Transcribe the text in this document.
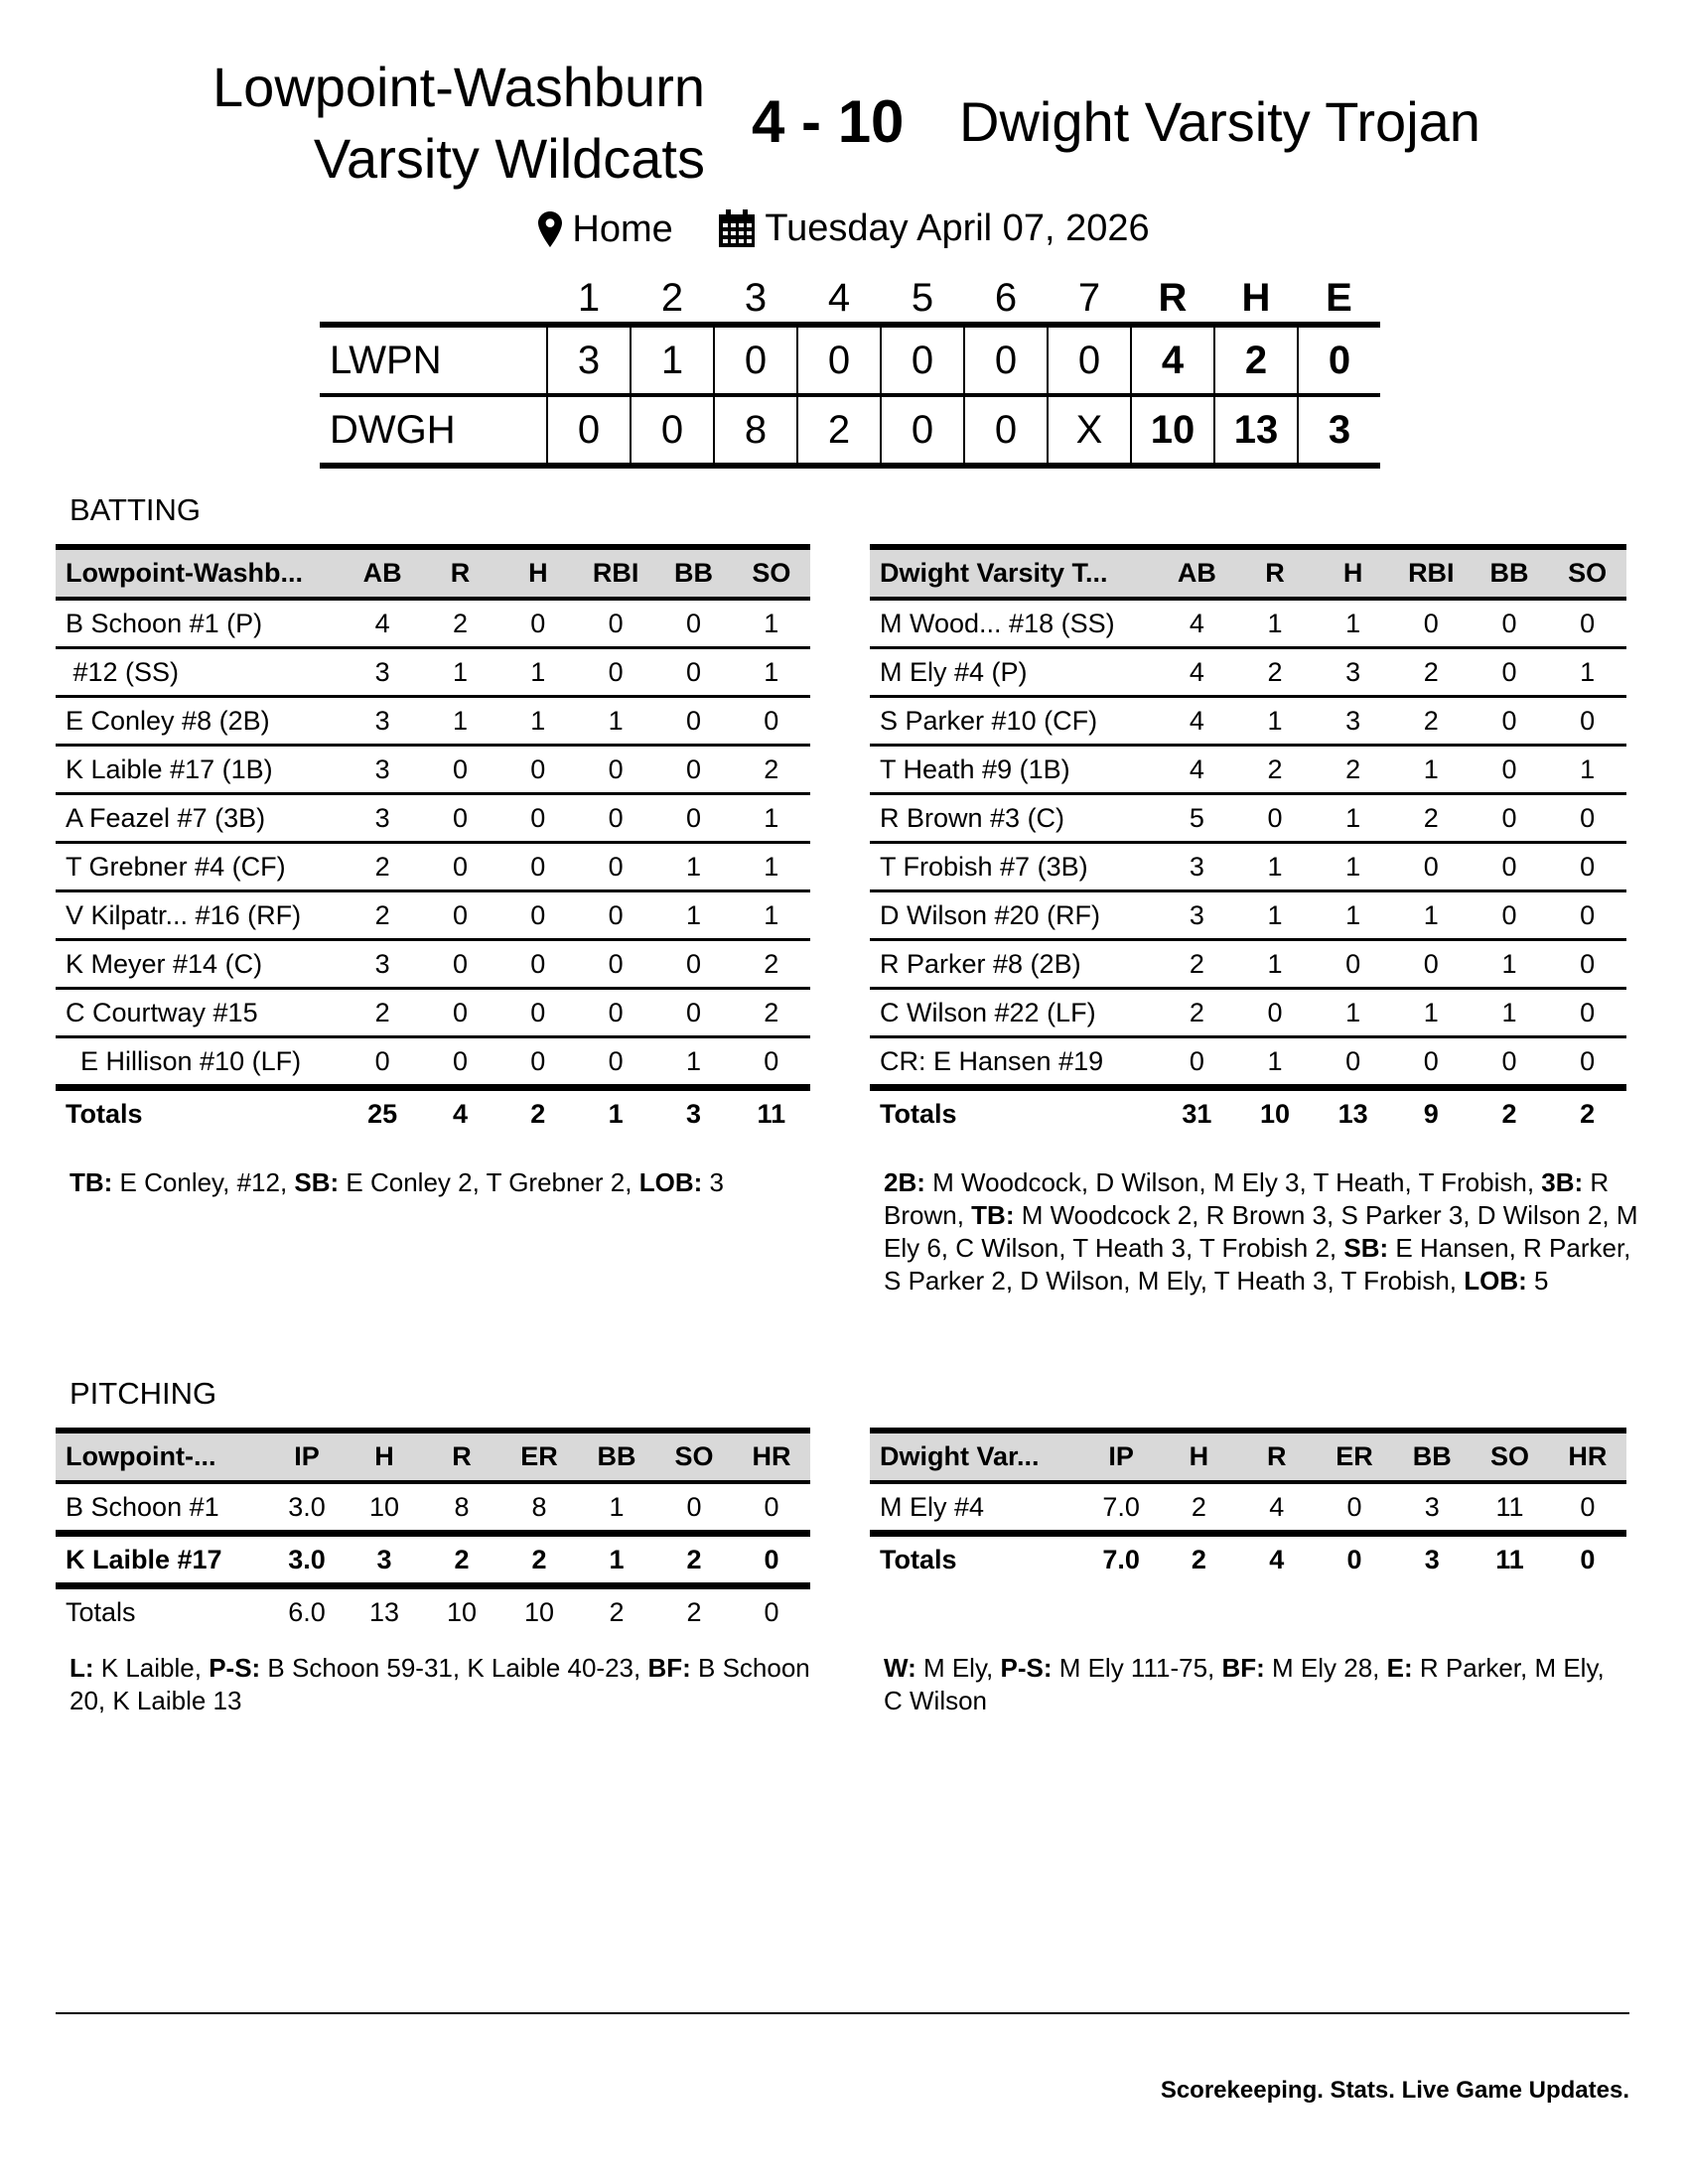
Lowpoint-Washburn
Varsity Wildcats
4 - 10 Dwight Varsity Trojan
Home
Tuesday April 07, 2026
	1	2	3	4	5	6	7	R	H	E
LWPN	3	1	0	0	0	0	0	4	2	0
DWGH	0	0	8	2	0	0	X	10	13	3
BATTING
Lowpoint-Washb...	AB	R	H	RBI	BB	SO
B Schoon #1 (P)	4	2	0	0	0	1
#12 (SS)	3	1	1	0	0	1
E Conley #8 (2B)	3	1	1	1	0	0
K Laible #17 (1B)	3	0	0	0	0	2
A Feazel #7 (3B)	3	0	0	0	0	1
T Grebner #4 (CF)	2	0	0	0	1	1
V Kilpatr... #16 (RF)	2	0	0	0	1	1
K Meyer #14 (C)	3	0	0	0	0	2
C Courtway #15	2	0	0	0	0	2
E Hillison #10 (LF)	0	0	0	0	1	0
Totals	25	4	2	1	3	11
Dwight Varsity T...	AB	R	H	RBI	BB	SO
M Wood... #18 (SS)	4	1	1	0	0	0
M Ely #4 (P)	4	2	3	2	0	1
S Parker #10 (CF)	4	1	3	2	0	0
T Heath #9 (1B)	4	2	2	1	0	1
R Brown #3 (C)	5	0	1	2	0	0
T Frobish #7 (3B)	3	1	1	0	0	0
D Wilson #20 (RF)	3	1	1	1	0	0
R Parker #8 (2B)	2	1	0	0	1	0
C Wilson #22 (LF)	2	0	1	1	1	0
CR: E Hansen #19	0	1	0	0	0	0
Totals	31	10	13	9	2	2
TB: E Conley, #12, SB: E Conley 2, T Grebner 2, LOB: 3	2B: M Woodcock, D Wilson, M Ely 3, T Heath, T Frobish, 3B: R Brown, TB: M Woodcock 2, R Brown 3, S Parker 3, D Wilson 2, M Ely 6, C Wilson, T Heath 3, T Frobish 2, SB: E Hansen, R Parker, S Parker 2, D Wilson, M Ely, T Heath 3, T Frobish, LOB: 5
PITCHING
Lowpoint-...	IP	H	R	ER	BB	SO	HR
B Schoon #1	3.0	10	8	8	1	0	0
K Laible #17	3.0	3	2	2	1	2	0
Totals	6.0	13	10	10	2	2	0
Dwight Var...	IP	H	R	ER	BB	SO	HR
M Ely #4	7.0	2	4	0	3	11	0
Totals	7.0	2	4	0	3	11	0
L: K Laible, P-S: B Schoon 59-31, K Laible 40-23, BF: B Schoon 20, K Laible 13
W: M Ely, P-S: M Ely 111-75, BF: M Ely 28, E: R Parker, M Ely, C Wilson
Scorekeeping. Stats. Live Game Updates.
